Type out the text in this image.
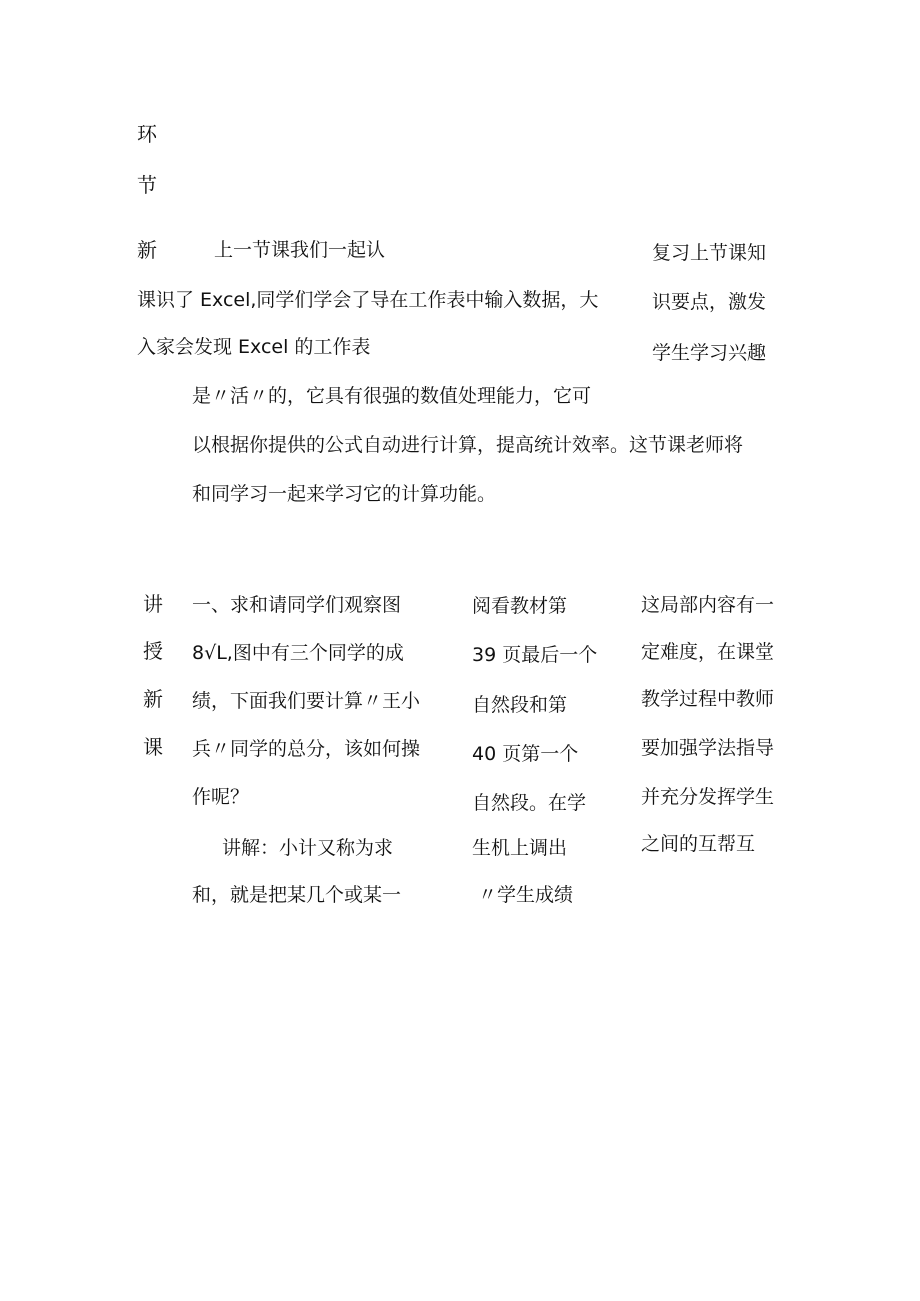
环
节
新	上一节课我们一起认
课识了 Excel,同学们学会了导在工作表中输入数据，大
入家会发现 Excel 的工作表
是〃活〃的，它具有很强的数值处理能力，它可
以根据你提供的公式自动进行计算，提高统计效率。这节课老师将
和同学习一起来学习它的计算功能。
复习上节课知
识要点，激发
学生学习兴趣
讲
授
新
课
一、求和请同学们观察图
8√L,图中有三个同学的成
绩，下面我们要计算〃王小
兵〃同学的总分，该如何操
作呢？
讲解：小计又称为求
和，就是把某几个或某一
阅看教材第
39 页最后一个
自然段和第
40 页第一个
自然段。在学
生机上调出
〃学生成绩
这局部内容有一
定难度，在课堂
教学过程中教师
要加强学法指导
并充分发挥学生
之间的互帮互
